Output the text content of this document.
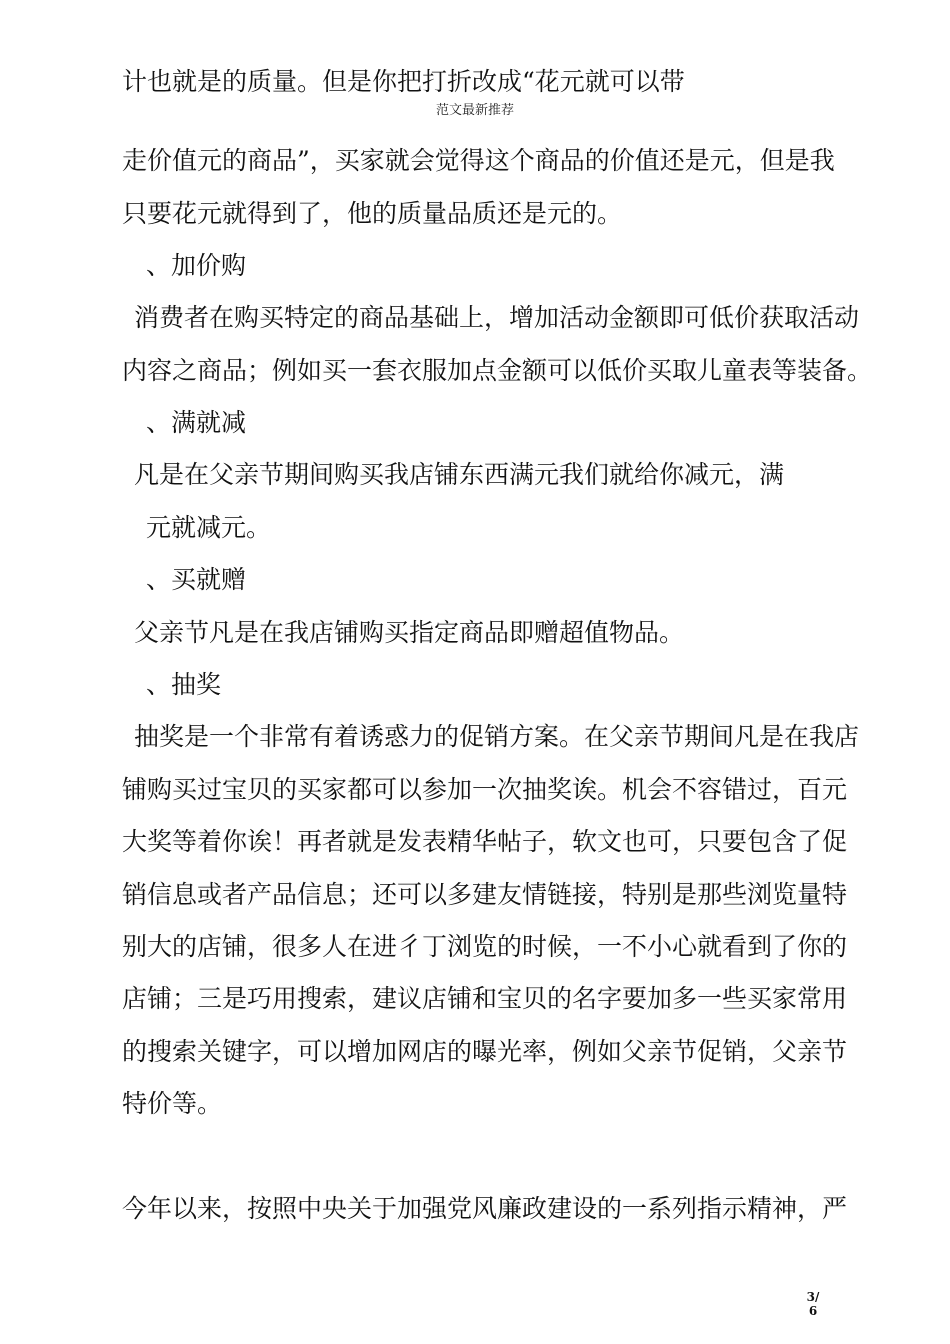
计也就是的质量。但是你把打折改成“花元就可以带
范文最新推荐
走价值元的商品”，买家就会觉得这个商品的价值还是元，但是我
只要花元就得到了，他的质量品质还是元的。
、加价购
消费者在购买特定的商品基础上，增加活动金额即可低价获取活动
内容之商品；例如买一套衣服加点金额可以低价买取儿童表等装备。
、满就减
凡是在父亲节期间购买我店铺东西满元我们就给你减元，满
元就减元。
、买就赠
父亲节凡是在我店铺购买指定商品即赠超值物品。
、抽奖
抽奖是一个非常有着诱惑力的促销方案。在父亲节期间凡是在我店
铺购买过宝贝的买家都可以参加一次抽奖诶。机会不容错过，百元
大奖等着你诶！再者就是发表精华帖子，软文也可，只要包含了促
销信息或者产品信息；还可以多建友情链接，特别是那些浏览量特
别大的店铺，很多人在进彳丁浏览的时候，一不小心就看到了你的
店铺；三是巧用搜索，建议店铺和宝贝的名字要加多一些买家常用
的搜索关键字，可以增加网店的曝光率，例如父亲节促销，父亲节
特价等。
今年以来，按照中央关于加强党风廉政建设的一系列指示精神，严
3/
6
